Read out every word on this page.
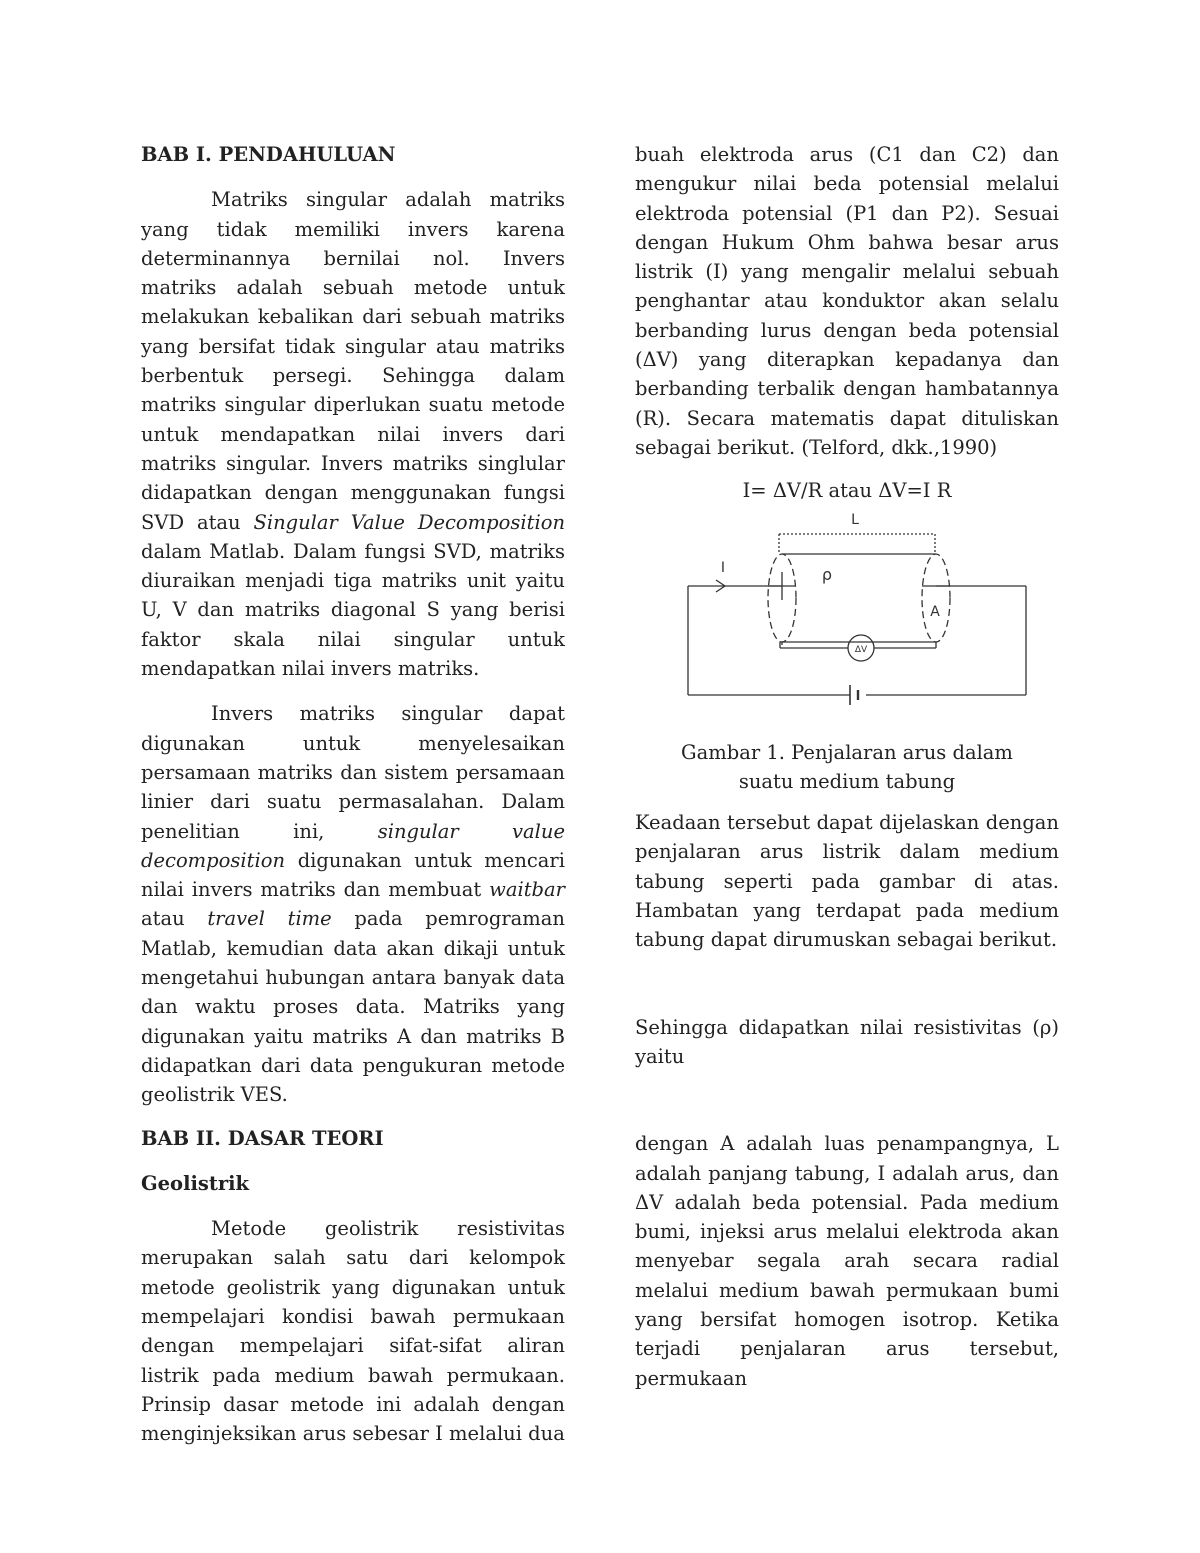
BAB I. PENDAHULUAN

Matriks singular adalah matriks yang tidak memiliki invers karena determinannya bernilai nol. Invers matriks adalah sebuah metode untuk melakukan kebalikan dari sebuah matriks yang bersifat tidak singular atau matriks berbentuk persegi. Sehingga dalam matriks singular diperlukan suatu metode untuk mendapatkan nilai invers dari matriks singular. Invers matriks singlular didapatkan dengan menggunakan fungsi SVD atau Singular Value Decomposition dalam Matlab. Dalam fungsi SVD, matriks diuraikan menjadi tiga matriks unit yaitu U, V dan matriks diagonal S yang berisi faktor skala nilai singular untuk mendapatkan nilai invers matriks.

Invers matriks singular dapat digunakan untuk menyelesaikan persamaan matriks dan sistem persamaan linier dari suatu permasalahan. Dalam penelitian ini,	singular value decomposition digunakan untuk mencari nilai invers matriks dan membuat waitbar atau travel time pada pemrograman Matlab, kemudian data akan dikaji untuk mengetahui hubungan antara banyak data dan waktu proses data. Matriks yang digunakan yaitu matriks A dan matriks B didapatkan dari data pengukuran metode geolistrik VES.

BAB II. DASAR TEORI
Geolistrik

Metode geolistrik resistivitas merupakan salah satu dari kelompok metode geolistrik yang digunakan untuk mempelajari kondisi bawah permukaan dengan mempelajari sifat-sifat aliran listrik pada medium bawah permukaan. Prinsip dasar metode ini adalah dengan menginjeksikan arus sebesar I melalui dua

buah elektroda arus (C1 dan C2) dan mengukur nilai beda potensial melalui elektroda potensial (P1 dan P2). Sesuai dengan Hukum Ohm bahwa besar arus listrik (I) yang mengalir melalui sebuah penghantar atau konduktor akan selalu berbanding lurus dengan beda potensial (ΔV) yang diterapkan kepadanya dan berbanding terbalik dengan hambatannya (R). Secara matematis dapat dituliskan sebagai berikut. (Telford, dkk.,1990)

I= ΔV/R atau ΔV=I R

L
I	ρ
A
ΔV

Gambar 1. Penjalaran arus dalam suatu medium tabung

Keadaan tersebut dapat dijelaskan dengan penjalaran arus listrik dalam medium tabung seperti pada gambar di atas. Hambatan yang terdapat pada medium tabung dapat dirumuskan sebagai berikut.

Sehingga didapatkan nilai resistivitas (ρ) yaitu

dengan A adalah luas penampangnya, L adalah panjang tabung, I adalah arus, dan ΔV adalah beda potensial. Pada medium bumi, injeksi arus melalui elektroda akan menyebar segala arah secara radial melalui medium bawah permukaan bumi yang bersifat homogen isotrop. Ketika terjadi penjalaran arus tersebut, permukaan
